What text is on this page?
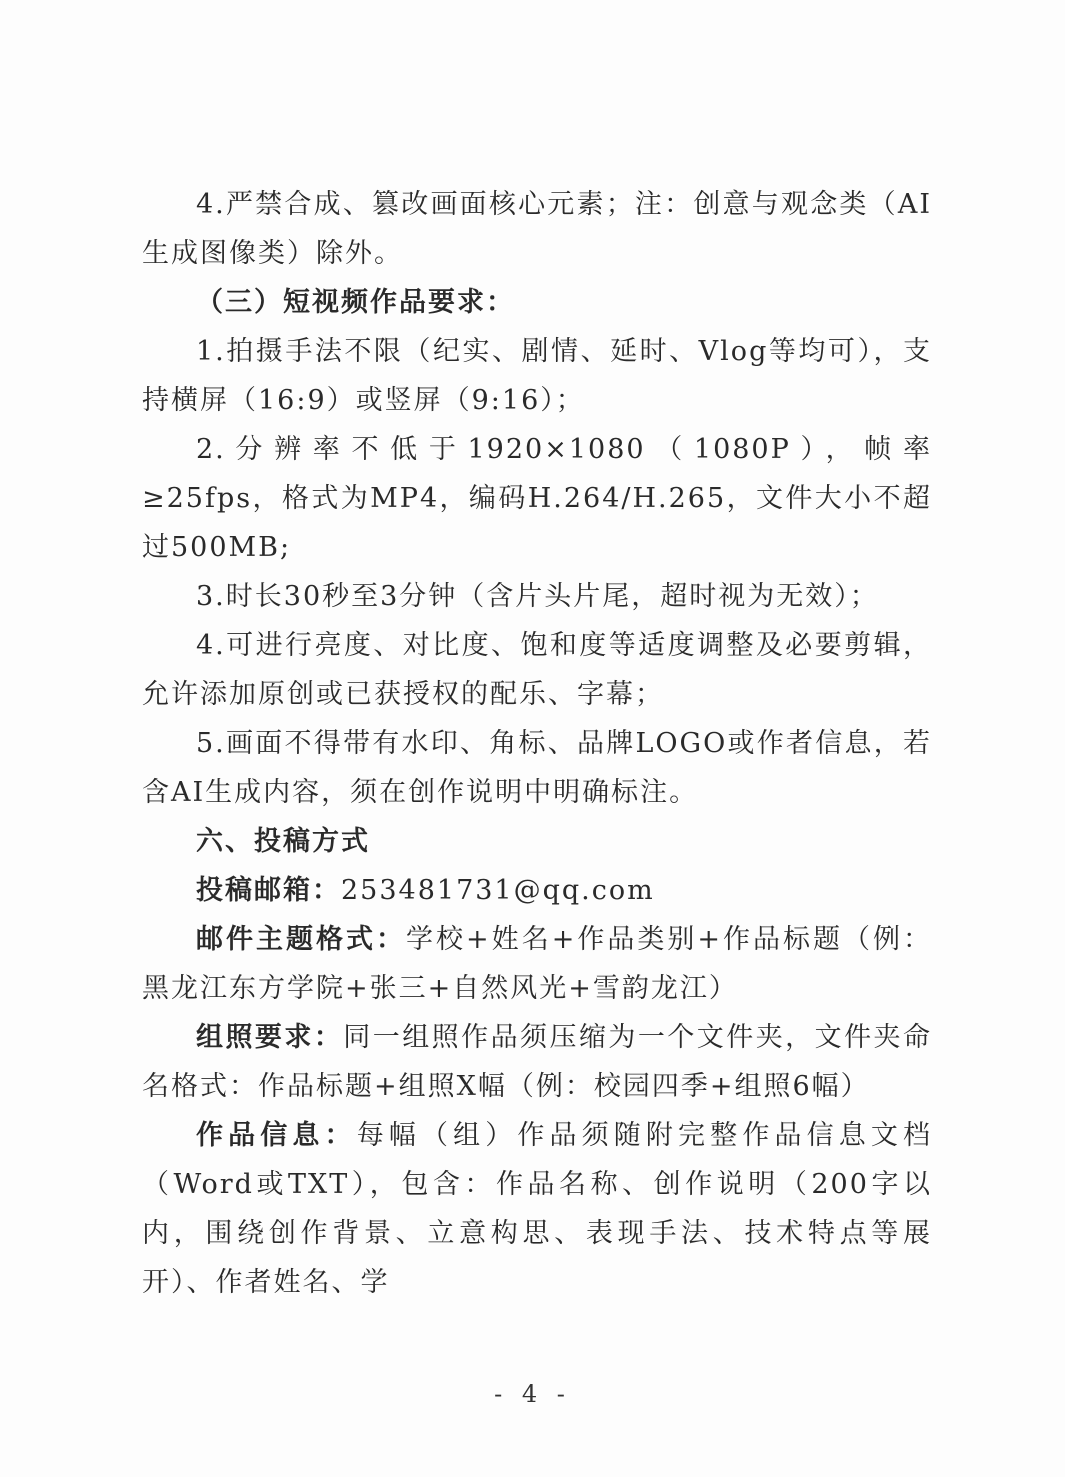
4.严禁合成、篡改画面核心元素；注：创意与观念类（AI生成图像类）除外。

（三）短视频作品要求：

1.拍摄手法不限（纪实、剧情、延时、Vlog等均可），支持横屏（16:9）或竖屏（9:16）；

2.分辨率不低于1920×1080（1080P），帧率≥25fps，格式为MP4，编码H.264/H.265，文件大小不超过500MB;

3.时长30秒至3分钟（含片头片尾，超时视为无效）；

4.可进行亮度、对比度、饱和度等适度调整及必要剪辑，允许添加原创或已获授权的配乐、字幕；

5.画面不得带有水印、角标、品牌LOGO或作者信息，若含AI生成内容，须在创作说明中明确标注。

六、投稿方式

投稿邮箱：253481731@qq.com

邮件主题格式：学校+姓名+作品类别+作品标题（例：黑龙江东方学院+张三+自然风光+雪韵龙江）

组照要求：同一组照作品须压缩为一个文件夹，文件夹命名格式：作品标题+组照X幅（例：校园四季+组照6幅）

作品信息：每幅（组）作品须随附完整作品信息文档（Word或TXT），包含：作品名称、创作说明（200字以内，围绕创作背景、立意构思、表现手法、技术特点等展开）、作者姓名、学

- 4 -
